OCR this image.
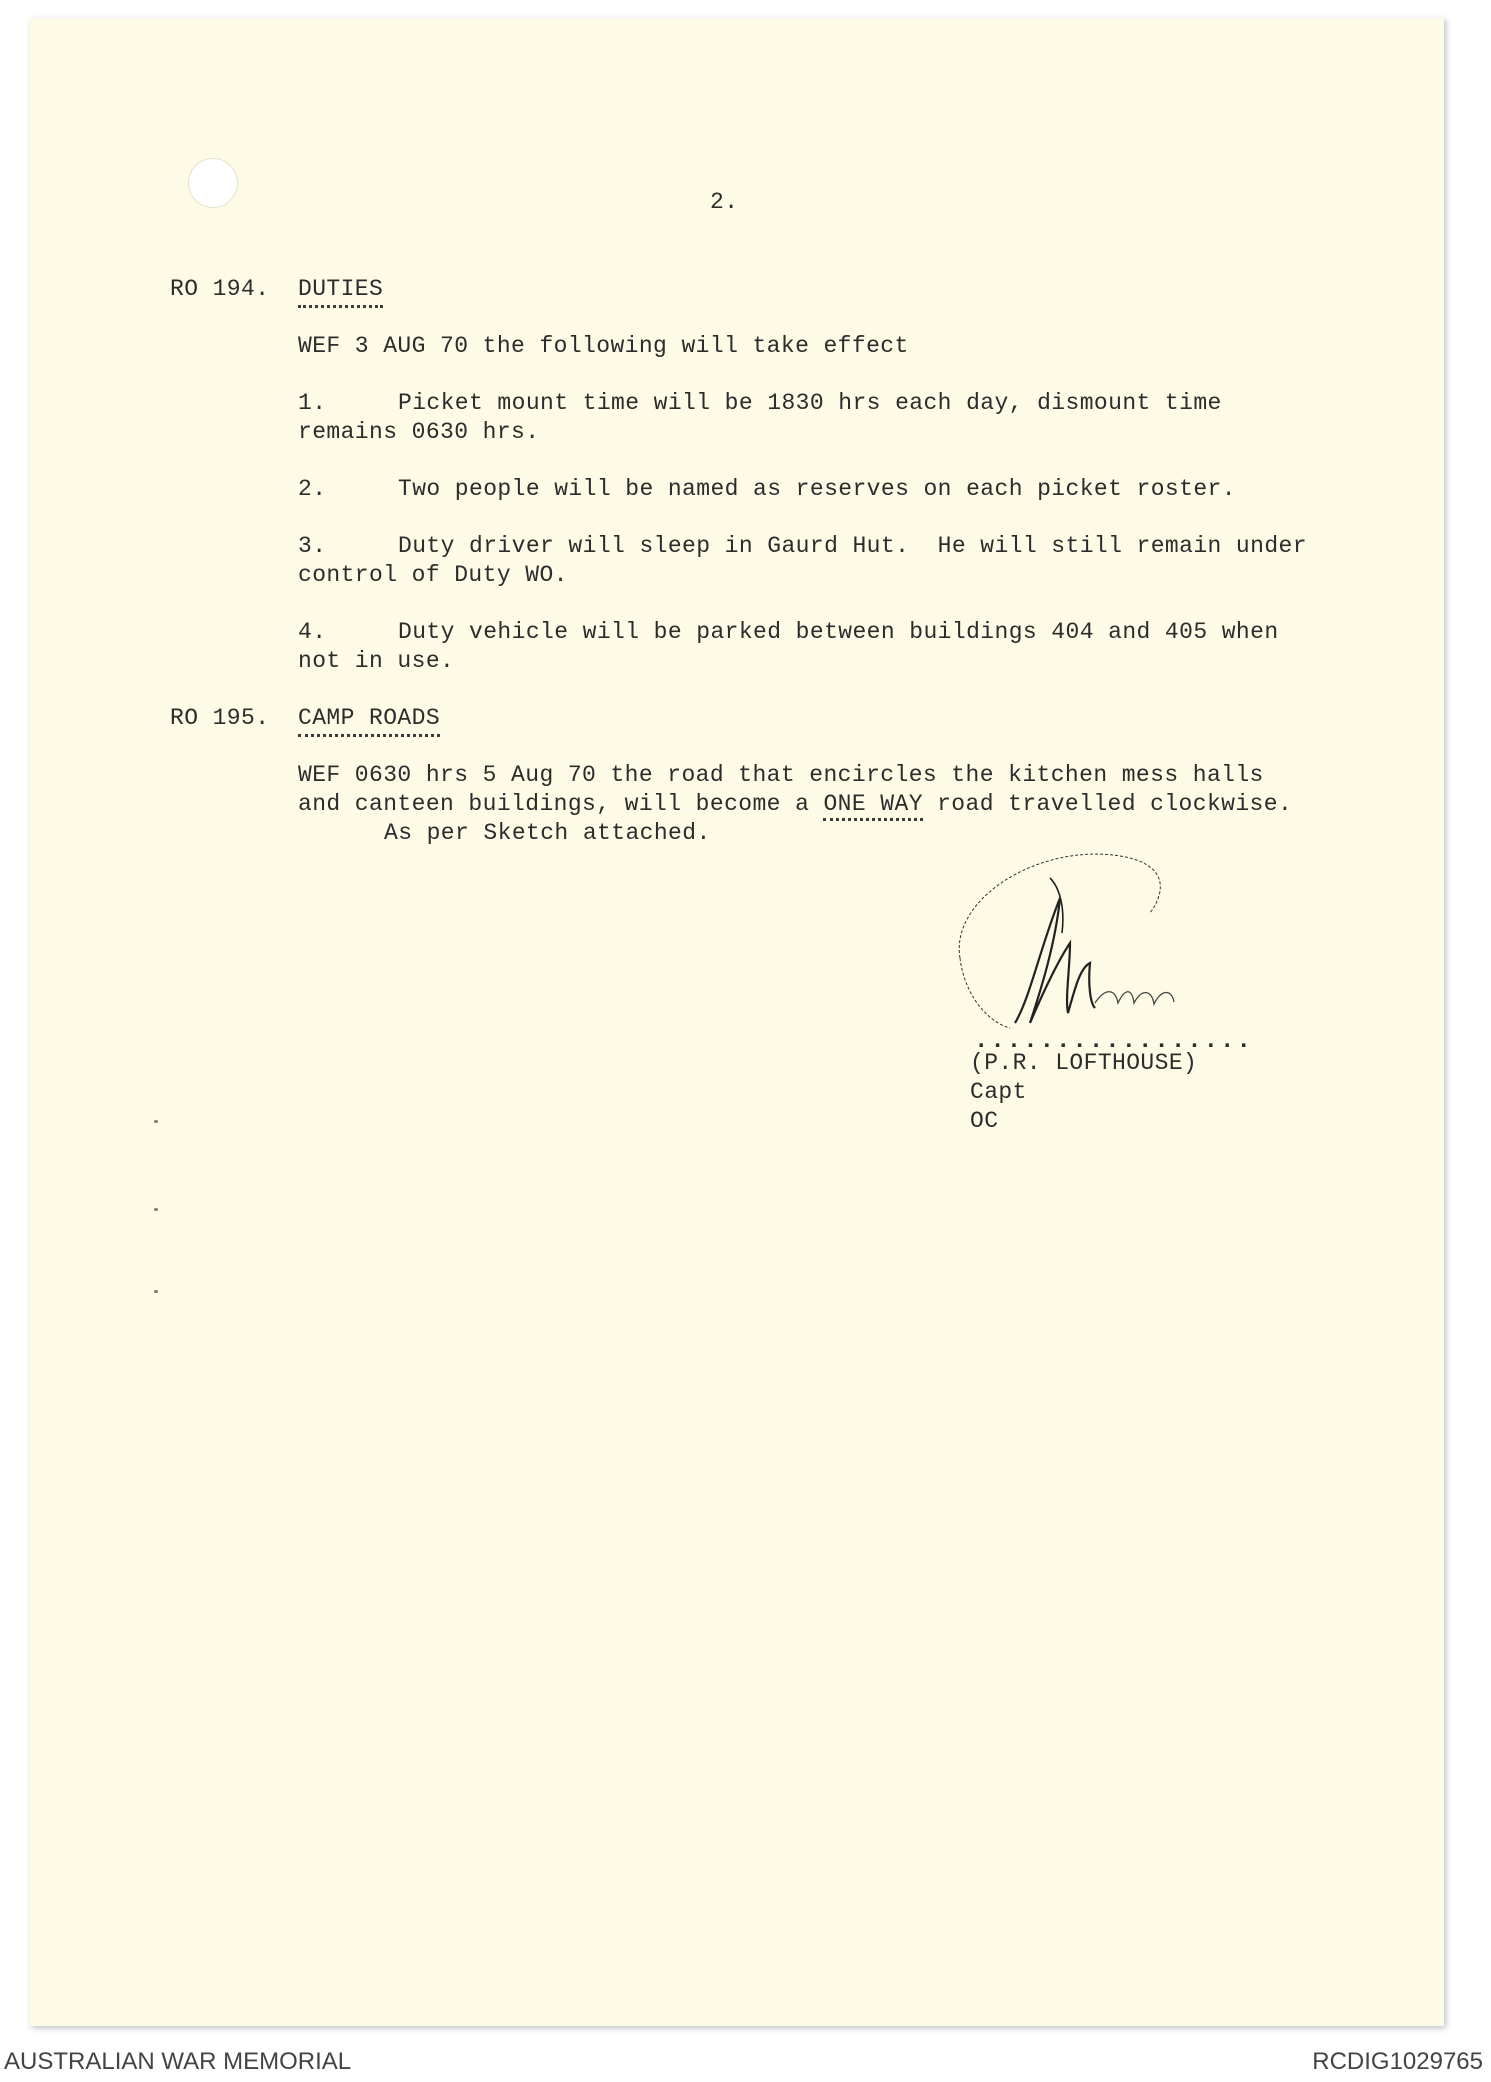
2.
RO 194. DUTIES
WEF 3 AUG 70 the following will take effect
1.	Picket mount time will be 1830 hrs each day, dismount time
remains 0630 hrs.
2.	Two people will be named as reserves on each picket roster.
3.	Duty driver will sleep in Gaurd Hut.  He will still remain under
control of Duty WO.
4.	Duty vehicle will be parked between buildings 404 and 405 when
not in use.
RO 195. CAMP ROADS
WEF 0630 hrs 5 Aug 70 the road that encircles the kitchen mess halls
and canteen buildings, will become a ONE WAY road travelled clockwise.
As per Sketch attached.
.................
(P.R. LOFTHOUSE)
Capt
OC
AUSTRALIAN WAR MEMORIAL	RCDIG1029765
